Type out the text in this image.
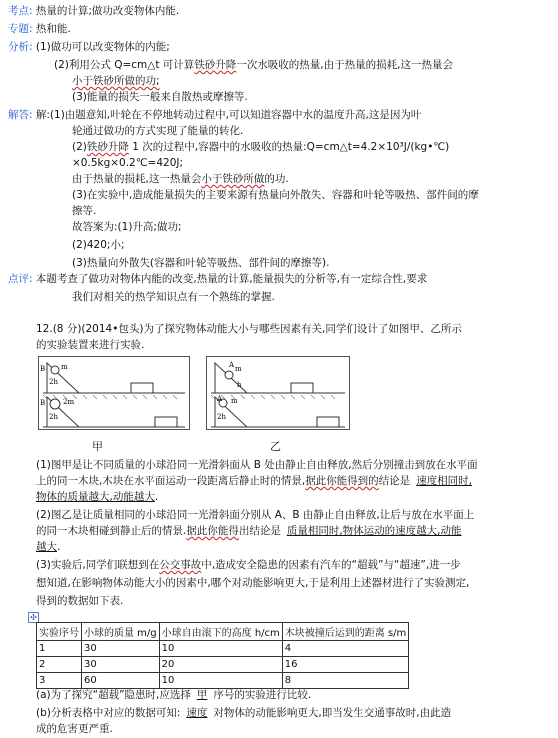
考点: 热量的计算;做功改变物体内能.
专题: 热和能.
分析: (1)做功可以改变物体的内能;
(2)利用公式 Q=cm△t 可计算铁砂升降一次水吸收的热量,由于热量的损耗,这一热量会
小于铁砂所做的功;
(3)能量的损失一般来自散热或摩擦等.
解答: 解:(1)由题意知,叶轮在不停地转动过程中,可以知道容器中水的温度升高,这是因为叶
轮通过做功的方式实现了能量的转化.
(2)铁砂升降 1 次的过程中,容器中的水吸收的热量:Q=cm△t=4.2×10³J/(kg•℃)
×0.5kg×0.2℃=420J;
由于热量的损耗,这一热量会小于铁砂所做的功.
(3)在实验中,造成能量损失的主要来源有热量向外散失、容器和叶轮等吸热、部件间的摩
擦等.
故答案为:(1)升高;做功;
(2)420;小;
(3)热量向外散失(容器和叶轮等吸热、部件间的摩擦等).
点评: 本题考查了做功对物体内能的改变,热量的计算,能量损失的分析等,有一定综合性,要求
我们对相关的热学知识点有一个熟练的掌握.
12.(8 分)(2014•包头)为了探究物体动能大小与哪些因素有关,同学们设计了如图甲、乙所示
的实验装置来进行实验.
m
2h
B
2m
2h
B
m
h
A
m
2h
A
甲	乙
(1)图甲是让不同质量的小球沿同一光滑斜面从 B 处由静止自由释放,然后分别撞击到放在水平面
上的同一木块,木块在水平面运动一段距离后静止时的情景,据此你能得到的结论是 速度相同时,
物体的质量越大,动能越大.
(2)图乙是让质量相同的小球沿同一光滑斜面分别从 A、B 由静止自由释放,让后与放在水平面上
的同一木块相碰到静止后的情景.据此你能得出结论是 质量相同时,物体运动的速度越大,动能
越大.
(3)实验后,同学们联想到在公交事故中,造成安全隐患的因素有汽车的“超载”与“超速”,进一步
想知道,在影响物体动能大小的因素中,哪个对动能影响更大,于是利用上述器材进行了实验测定,
得到的数据如下表.
✣
实验序号	小球的质量 m/g	小球自由滚下的高度 h/cm	木块被撞后运到的距离 s/m
1	30	10	4
2	30	20	16
3	60	10	8
(a)为了探究“超载”隐患时,应选择 甲 序号的实验进行比较.
(b)分析表格中对应的数据可知: 速度 对物体的动能影响更大,即当发生交通事故时,由此造
成的危害更严重.
